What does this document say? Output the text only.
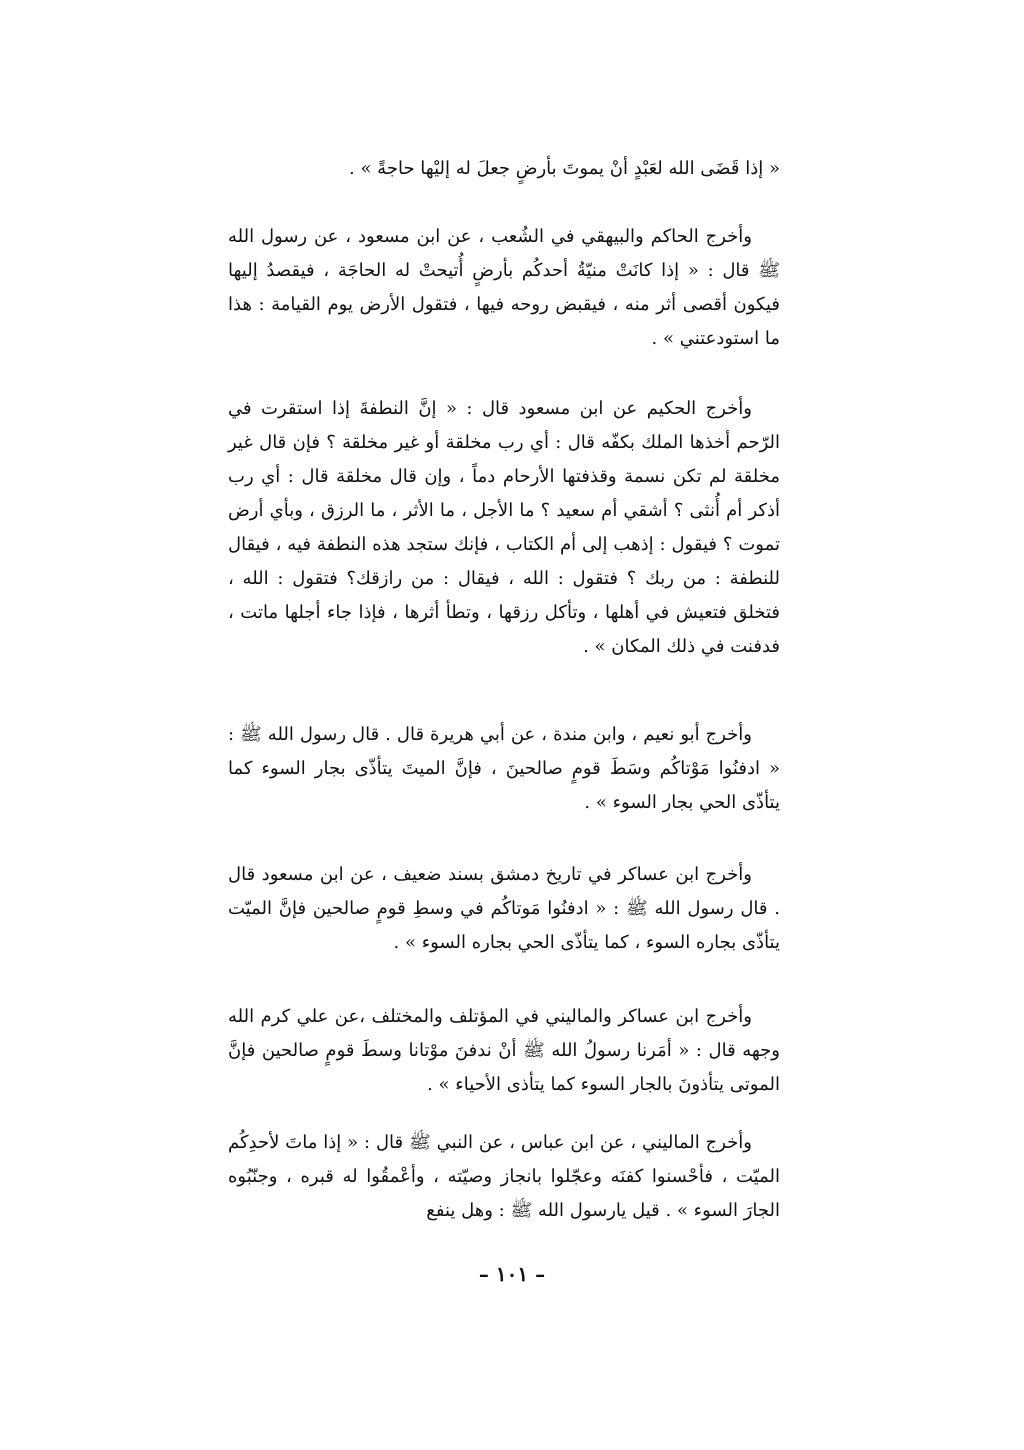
« إذا قَضَى الله لعَبْدٍ أنْ يموتَ بأرضٍ جعلَ له إليْها حاجةً » .

وأخرج الحاكم والبيهقي في الشُعب ، عن ابن مسعود ، عن رسول الله ﷺ قال : « إذا كانَتْ منيّةُ أحدكُم بأرضٍ أُتيحتْ له الحاجَة ، فيقصدُ إليها فيكون أقصى أثر منه ، فيقبض روحه فيها ، فتقول الأرض يوم القيامة : هذا ما استودعتني » .

وأخرج الحكيم عن ابن مسعود قال : « إنَّ النطفةَ إذا استقرت في الرّحم أخذها الملك بكفّه قال : أي رب مخلقة أو غير مخلقة ؟ فإن قال غير مخلقة لم تكن نسمة وقذفتها الأرحام دماً ، وإن قال مخلقة قال : أي رب أذكر أم أُنثى ؟ أشقي أم سعيد ؟ ما الأجل ، ما الأثر ، ما الرزق ، وبأي أرض تموت ؟ فيقول : إذهب إلى أم الكتاب ، فإنك ستجد هذه النطفة فيه ، فيقال للنطفة : من ربك ؟ فتقول : الله ، فيقال : من رازقك؟ فتقول : الله ، فتخلق فتعيش في أهلها ، وتأكل رزقها ، وتطأ أثرها ، فإذا جاء أجلها ماتت ، فدفنت في ذلك المكان » .

وأخرج أبو نعيم ، وابن مندة ، عن أبي هريرة قال . قال رسول الله ﷺ : « ادفنُوا مَوْتاكُم وسَطَ قومٍ صالحينَ ، فإنَّ الميتَ يتأذّى بجار السوء كما يتأذّى الحي بجار السوء » .

وأخرج ابن عساكر في تاريخ دمشق بسند ضعيف ، عن ابن مسعود قال . قال رسول الله ﷺ : « ادفنُوا مَوتاكُم في وسطِ قومٍ صالحين فإنَّ الميّت يتأذّى بجاره السوء ، كما يتأذّى الحي بجاره السوء » .

وأخرج ابن عساكر والماليني في المؤتلف والمختلف ،عن علي كرم الله وجهه قال : « أمَرنا رسولُ الله ﷺ أنْ ندفنَ موْتانا وسطَ قومٍ صالحين فإنَّ الموتى يتأذونَ بالجار السوء كما يتأذى الأحياء » .

وأخرج الماليني ، عن ابن عباس ، عن النبي ﷺ قال : « إذا ماتَ لأحدِكُم الميّت ، فأحْسنوا كفنَه وعجّلوا بانجاز وصيّته ، وأعْمقُوا له قبره ، وجنّبُوه الجارَ السوء » . قيل يارسول الله ﷺ : وهل ينفع

– ١٠١ –
